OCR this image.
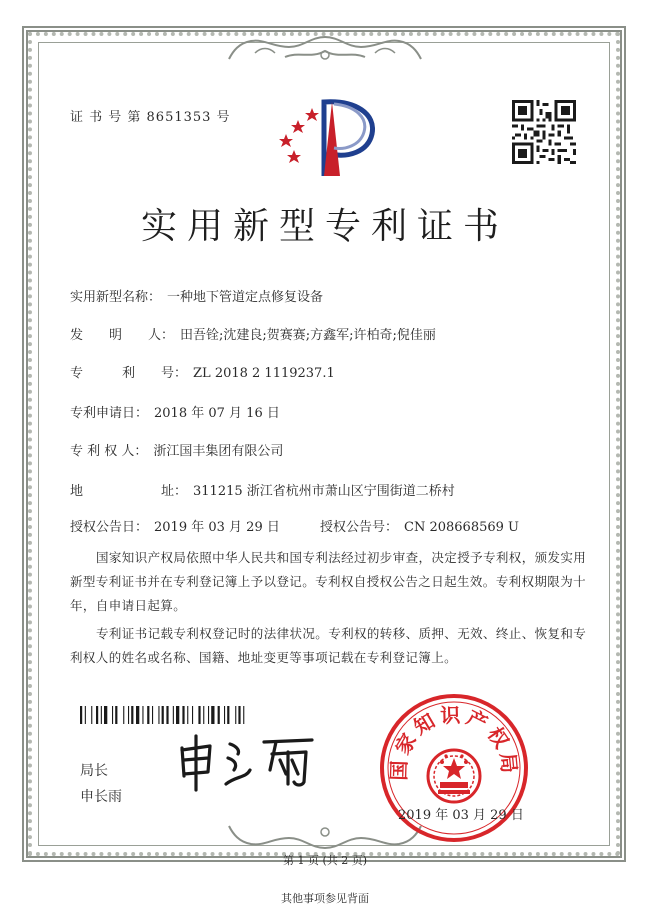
证 书 号 第 8651353 号
实用新型专利证书
实用新型名称： 一种地下管道定点修复设备
发　　明　　人： 田吾铨;沈建良;贺赛赛;方鑫军;许柏奇;倪佳丽
专　　　利　　号： ZL 2018 2 1119237.1
专利申请日： 2018 年 07 月 16 日
专 利 权 人： 浙江国丰集团有限公司
地　　　　　　址： 311215 浙江省杭州市萧山区宁围街道二桥村
授权公告日： 2019 年 03 月 29 日	授权公告号： CN 208668569 U
国家知识产权局依照中华人民共和国专利法经过初步审查，决定授予专利权，颁发实用新型专利证书并在专利登记簿上予以登记。专利权自授权公告之日起生效。专利权期限为十年，自申请日起算。
专利证书记载专利权登记时的法律状况。专利权的转移、质押、无效、终止、恢复和专利权人的姓名或名称、国籍、地址变更等事项记载在专利登记簿上。
局长
申长雨
国家知识产权局
2019 年 03 月 29 日
第 1 页 (共 2 页)
其他事项参见背面
